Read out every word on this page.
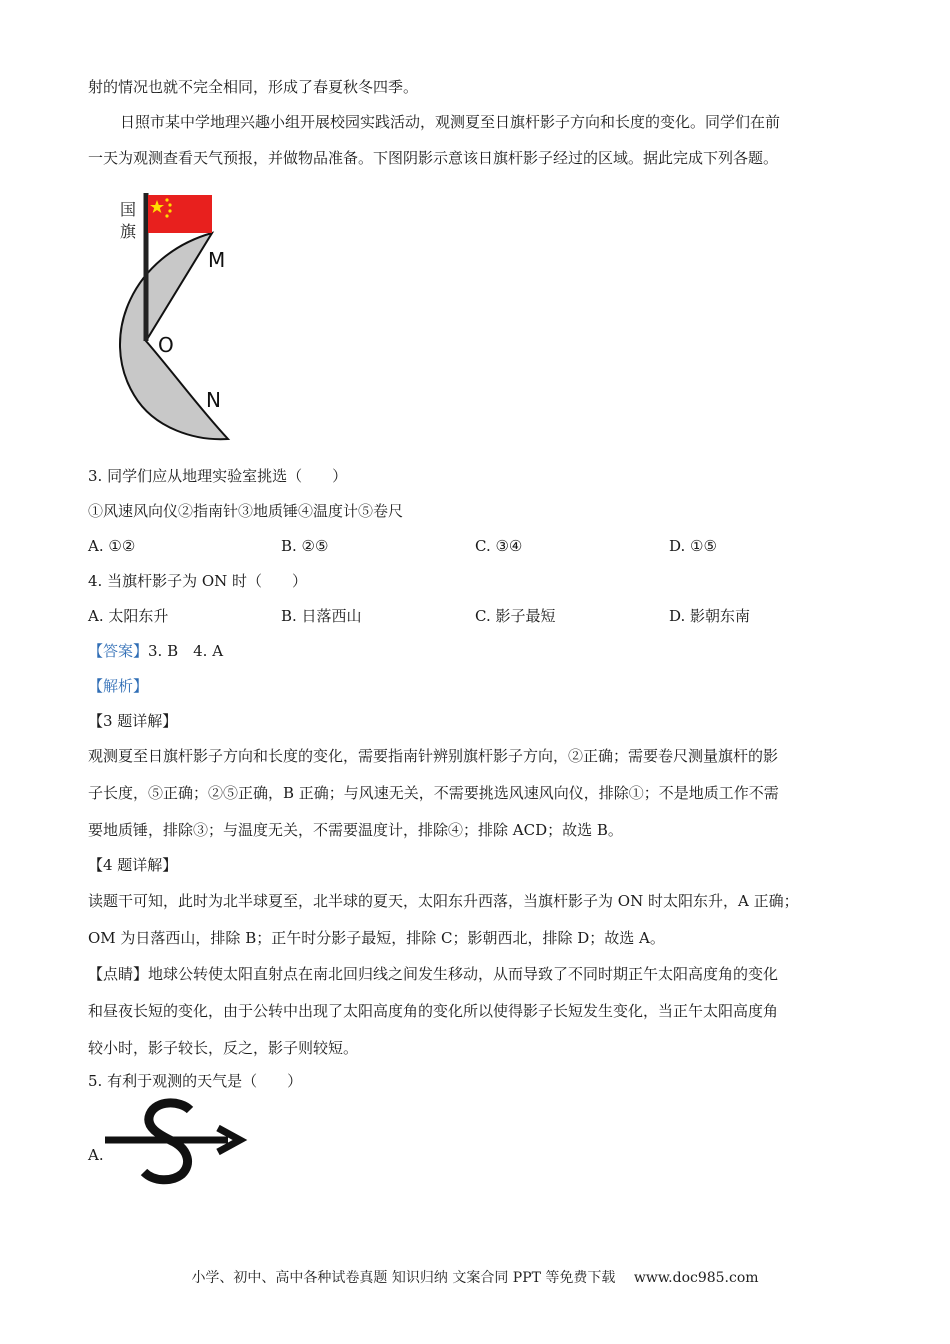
射的情况也就不完全相同，形成了春夏秋冬四季。
日照市某中学地理兴趣小组开展校园实践活动，观测夏至日旗杆影子方向和长度的变化。同学们在前
一天为观测查看天气预报，并做物品准备。下图阴影示意该日旗杆影子经过的区域。据此完成下列各题。
国
旗
M
O
N
3. 同学们应从地理实验室挑选（　　）
①风速风向仪②指南针③地质锤④温度计⑤卷尺
A. ①②	B. ②⑤	C. ③④	D. ①⑤
4. 当旗杆影子为 ON 时（　　）
A. 太阳东升	B. 日落西山	C. 影子最短	D. 影朝东南
【答案】3. B　4. A
【解析】
【3 题详解】
观测夏至日旗杆影子方向和长度的变化，需要指南针辨别旗杆影子方向，②正确；需要卷尺测量旗杆的影
子长度，⑤正确；②⑤正确，B 正确；与风速无关，不需要挑选风速风向仪，排除①；不是地质工作不需
要地质锤，排除③；与温度无关，不需要温度计，排除④；排除 ACD；故选 B。
【4 题详解】
读题干可知，此时为北半球夏至，北半球的夏天，太阳东升西落，当旗杆影子为 ON 时太阳东升，A 正确；
OM 为日落西山，排除 B；正午时分影子最短，排除 C；影朝西北，排除 D；故选 A。
【点睛】地球公转使太阳直射点在南北回归线之间发生移动，从而导致了不同时期正午太阳高度角的变化
和昼夜长短的变化，由于公转中出现了太阳高度角的变化所以使得影子长短发生变化，当正午太阳高度角
较小时，影子较长，反之，影子则较短。
5. 有利于观测的天气是（　　）
A.
小学、初中、高中各种试卷真题 知识归纳 文案合同 PPT 等免费下载　 www.doc985.com
